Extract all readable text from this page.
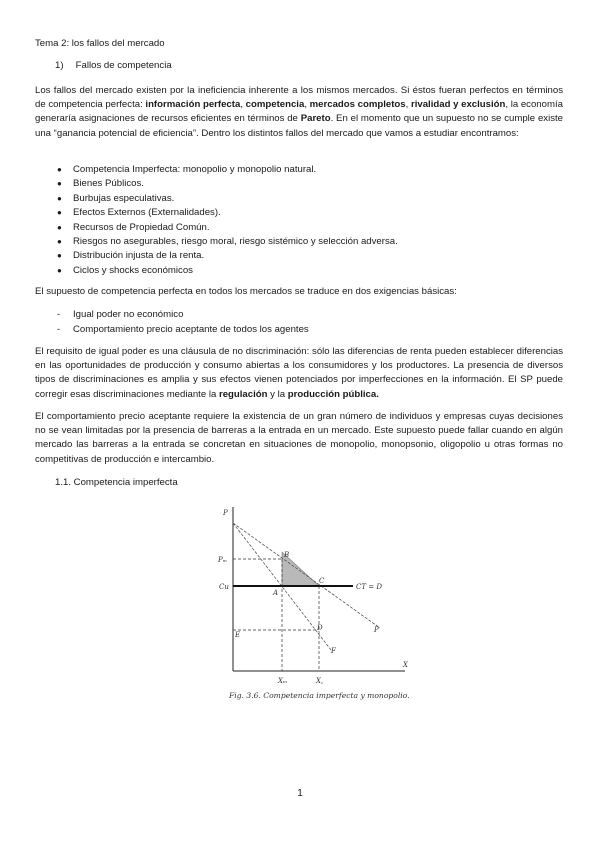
Tema 2: los fallos del mercado
1) Fallos de competencia
Los fallos del mercado existen por la ineficiencia inherente a los mismos mercados. Si éstos fueran perfectos en términos de competencia perfecta: información perfecta, competencia, mercados completos, rivalidad y exclusión, la economía generaría asignaciones de recursos eficientes en términos de Pareto. En el momento que un supuesto no se cumple existe una “ganancia potencial de eficiencia”. Dentro los distintos fallos del mercado que vamos a estudiar encontramos:
● Competencia Imperfecta: monopolio y monopolio natural.
● Bienes Públicos.
● Burbujas especulativas.
● Efectos Externos (Externalidades).
● Recursos de Propiedad Común.
● Riesgos no asegurables, riesgo moral, riesgo sistémico y selección adversa.
● Distribución injusta de la renta.
● Ciclos y shocks económicos
El supuesto de competencia perfecta en todos los mercados se traduce en dos exigencias básicas:
- Igual poder no económico
- Comportamiento precio aceptante de todos los agentes
El requisito de igual poder es una cláusula de no discriminación: sólo las diferencias de renta pueden establecer diferencias en las oportunidades de producción y consumo abiertas a los consumidores y los productores. La presencia de diversos tipos de discriminaciones es amplia y sus efectos vienen potenciados por imperfecciones en la información. El SP puede corregir esas discriminaciones mediante la regulación y la producción pública.
El comportamiento precio aceptante requiere la existencia de un gran número de individuos y empresas cuyas decisiones no se vean limitadas por la presencia de barreras a la entrada en un mercado. Este supuesto puede fallar cuando en algún mercado las barreras a la entrada se concretan en situaciones de monopolio, monopsonio, oligopolio u otras formas no competitivas de producción e intercambio.
1.1. Competencia imperfecta
P
X
Pₘ
Cu
E
B
A
C
D
CT = D
F
P
Xₘ	X꜀
Fig. 3.6. Competencia imperfecta y monopolio.
1
